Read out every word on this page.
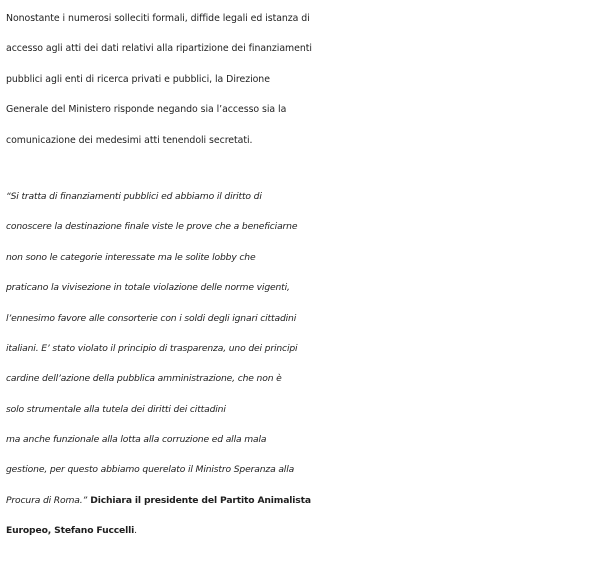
Nonostante i numerosi solleciti formali, diffide legali ed istanza di
accesso agli atti dei dati relativi alla ripartizione dei finanziamenti
pubblici agli enti di ricerca privati e pubblici, la Direzione
Generale del Ministero risponde negando sia l’accesso sia la
comunicazione dei medesimi atti tenendoli secretati.
“Si tratta di finanziamenti pubblici ed abbiamo il diritto di
conoscere la destinazione finale viste le prove che a beneficiarne
non sono le categorie interessate ma le solite lobby che
praticano la vivisezione in totale violazione delle norme vigenti,
l’ennesimo favore alle consorterie con i soldi degli ignari cittadini
italiani. E’ stato violato il principio di trasparenza, uno dei principi
cardine dell’azione della pubblica amministrazione, che non è
solo strumentale alla tutela dei diritti dei cittadini
ma anche funzionale alla lotta alla corruzione ed alla mala
gestione, per questo abbiamo querelato il Ministro Speranza alla
Procura di Roma.” Dichiara il presidente del Partito Animalista
Europeo, Stefano Fuccelli.
